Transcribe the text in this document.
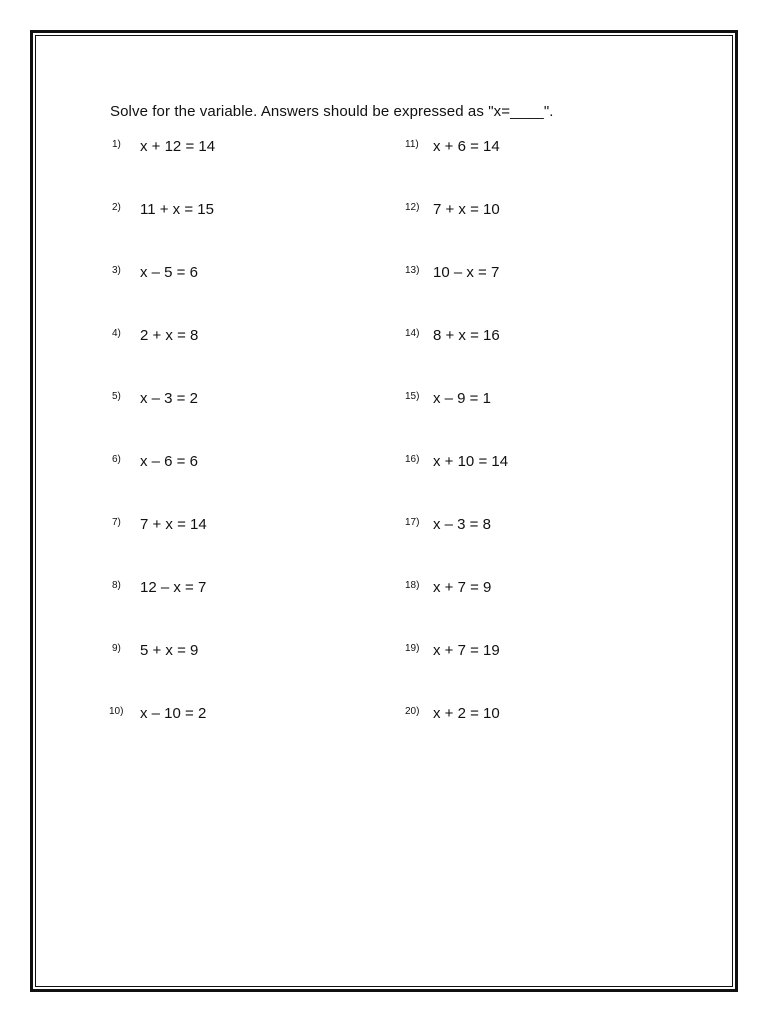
Solve for the variable. Answers should be expressed as "x=____".
1) x + 12 = 14
2) 11 + x = 15
3) x – 5 = 6
4) 2 + x = 8
5) x – 3 = 2
6) x – 6 = 6
7) 7 + x = 14
8) 12 – x = 7
9) 5 + x = 9
10) x – 10 = 2
11) x + 6 = 14
12) 7 + x = 10
13) 10 – x = 7
14) 8 + x = 16
15) x – 9 = 1
16) x + 10 = 14
17) x – 3 = 8
18) x + 7 = 9
19) x + 7 = 19
20) x + 2 = 10
